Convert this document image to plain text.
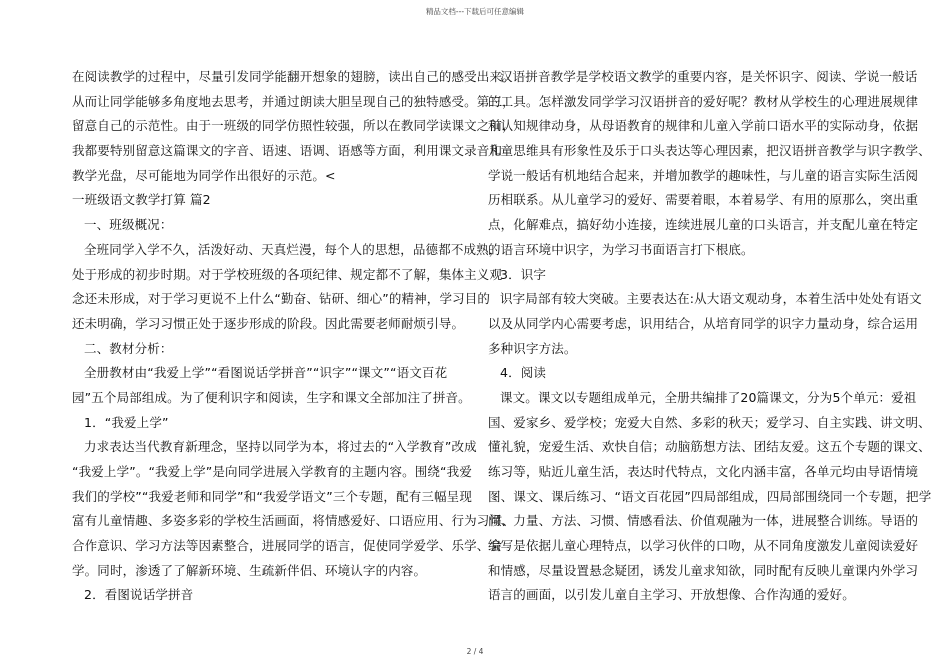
精品文档---下载后可任意编辑
在阅读教学的过程中，尽量引发同学能翻开想象的翅膀，读出自己的感受出来。
从而让同学能够多角度地去思考，并通过朗读大胆呈现自己的独特感受。第三，
留意自己的示范性。由于一班级的同学仿照性较强，所以在教同学读课文之前，
我都要特别留意这篇课文的字音、语速、语调、语感等方面，利用课文录音和
教学光盘，尽可能地为同学作出很好的示范。<
一班级语文教学打算 篇2
一、班级概况：
全班同学入学不久，活泼好动、天真烂漫，每个人的思想，品德都不成熟，
处于形成的初步时期。对于学校班级的各项纪律、规定都不了解，集体主义观
念还未形成，对于学习更说不上什么“勤奋、钻研、细心”的精神，学习目的
还未明确，学习习惯正处于逐步形成的阶段。因此需要老师耐烦引导。
二、教材分析：
全册教材由“我爱上学”“看图说话学拼音”“识字”“课文”“语文百花
园”五个局部组成。为了便利识字和阅读，生字和课文全部加注了拼音。
1．“我爱上学”
力求表达当代教育新理念，坚持以同学为本，将过去的“入学教育”改成
“我爱上学”。“我爱上学”是向同学进展入学教育的主题内容。围绕“我爱
我们的学校”“我爱老师和同学”和“我爱学语文”三个专题，配有三幅呈现
富有儿童情趣、多姿多彩的学校生活画面，将情感爱好、口语应用、行为习惯、
合作意识、学习方法等因素整合，进展同学的语言，促使同学爱学、乐学、会
学。同时，渗透了了解新环境、生疏新伴侣、环境认字的内容。
2．看图说话学拼音
汉语拼音教学是学校语文教学的重要内容，是关怀识字、阅读、学说一般话
的工具。怎样激发同学学习汉语拼音的爱好呢？教材从学校生的心理进展规律
和认知规律动身，从母语教育的规律和儿童入学前口语水平的实际动身，依据
儿童思维具有形象性及乐于口头表达等心理因素，把汉语拼音教学与识字教学、
学说一般话有机地结合起来，并增加教学的趣味性，与儿童的语言实际生活阅
历相联系。从儿童学习的爱好、需要着眼，本着易学、有用的原那么，突出重
点，化解难点，搞好幼小连接，连续进展儿童的口头语言，并支配儿童在特定
的语言环境中识字，为学习书面语言打下根底。
3．识字
识字局部有较大突破。主要表达在:从大语文观动身，本着生活中处处有语文
以及从同学内心需要考虑，识用结合，从培育同学的识字力量动身，综合运用
多种识字方法。
4．阅读
课文。课文以专题组成单元，全册共编排了20篇课文，分为5个单元：爱祖
国、爱家乡、爱学校；宠爱大自然、多彩的秋天；爱学习、自主实践、讲文明、
懂礼貌，宠爱生活、欢快自信；动脑筋想方法、团结友爱。这五个专题的课文、
练习等，贴近儿童生活，表达时代特点，文化内涵丰富，各单元均由导语情境
图、课文、课后练习、“语文百花园”四局部组成，四局部围绕同一个专题，把学
问、力量、方法、习惯、情感看法、价值观融为一体，进展整合训练。导语的
编写是依据儿童心理特点，以学习伙伴的口吻，从不同角度激发儿童阅读爱好
和情感，尽量设置悬念疑团，诱发儿童求知欲，同时配有反映儿童课内外学习
语言的画面，以引发儿童自主学习、开放想像、合作沟通的爱好。
2 / 4
